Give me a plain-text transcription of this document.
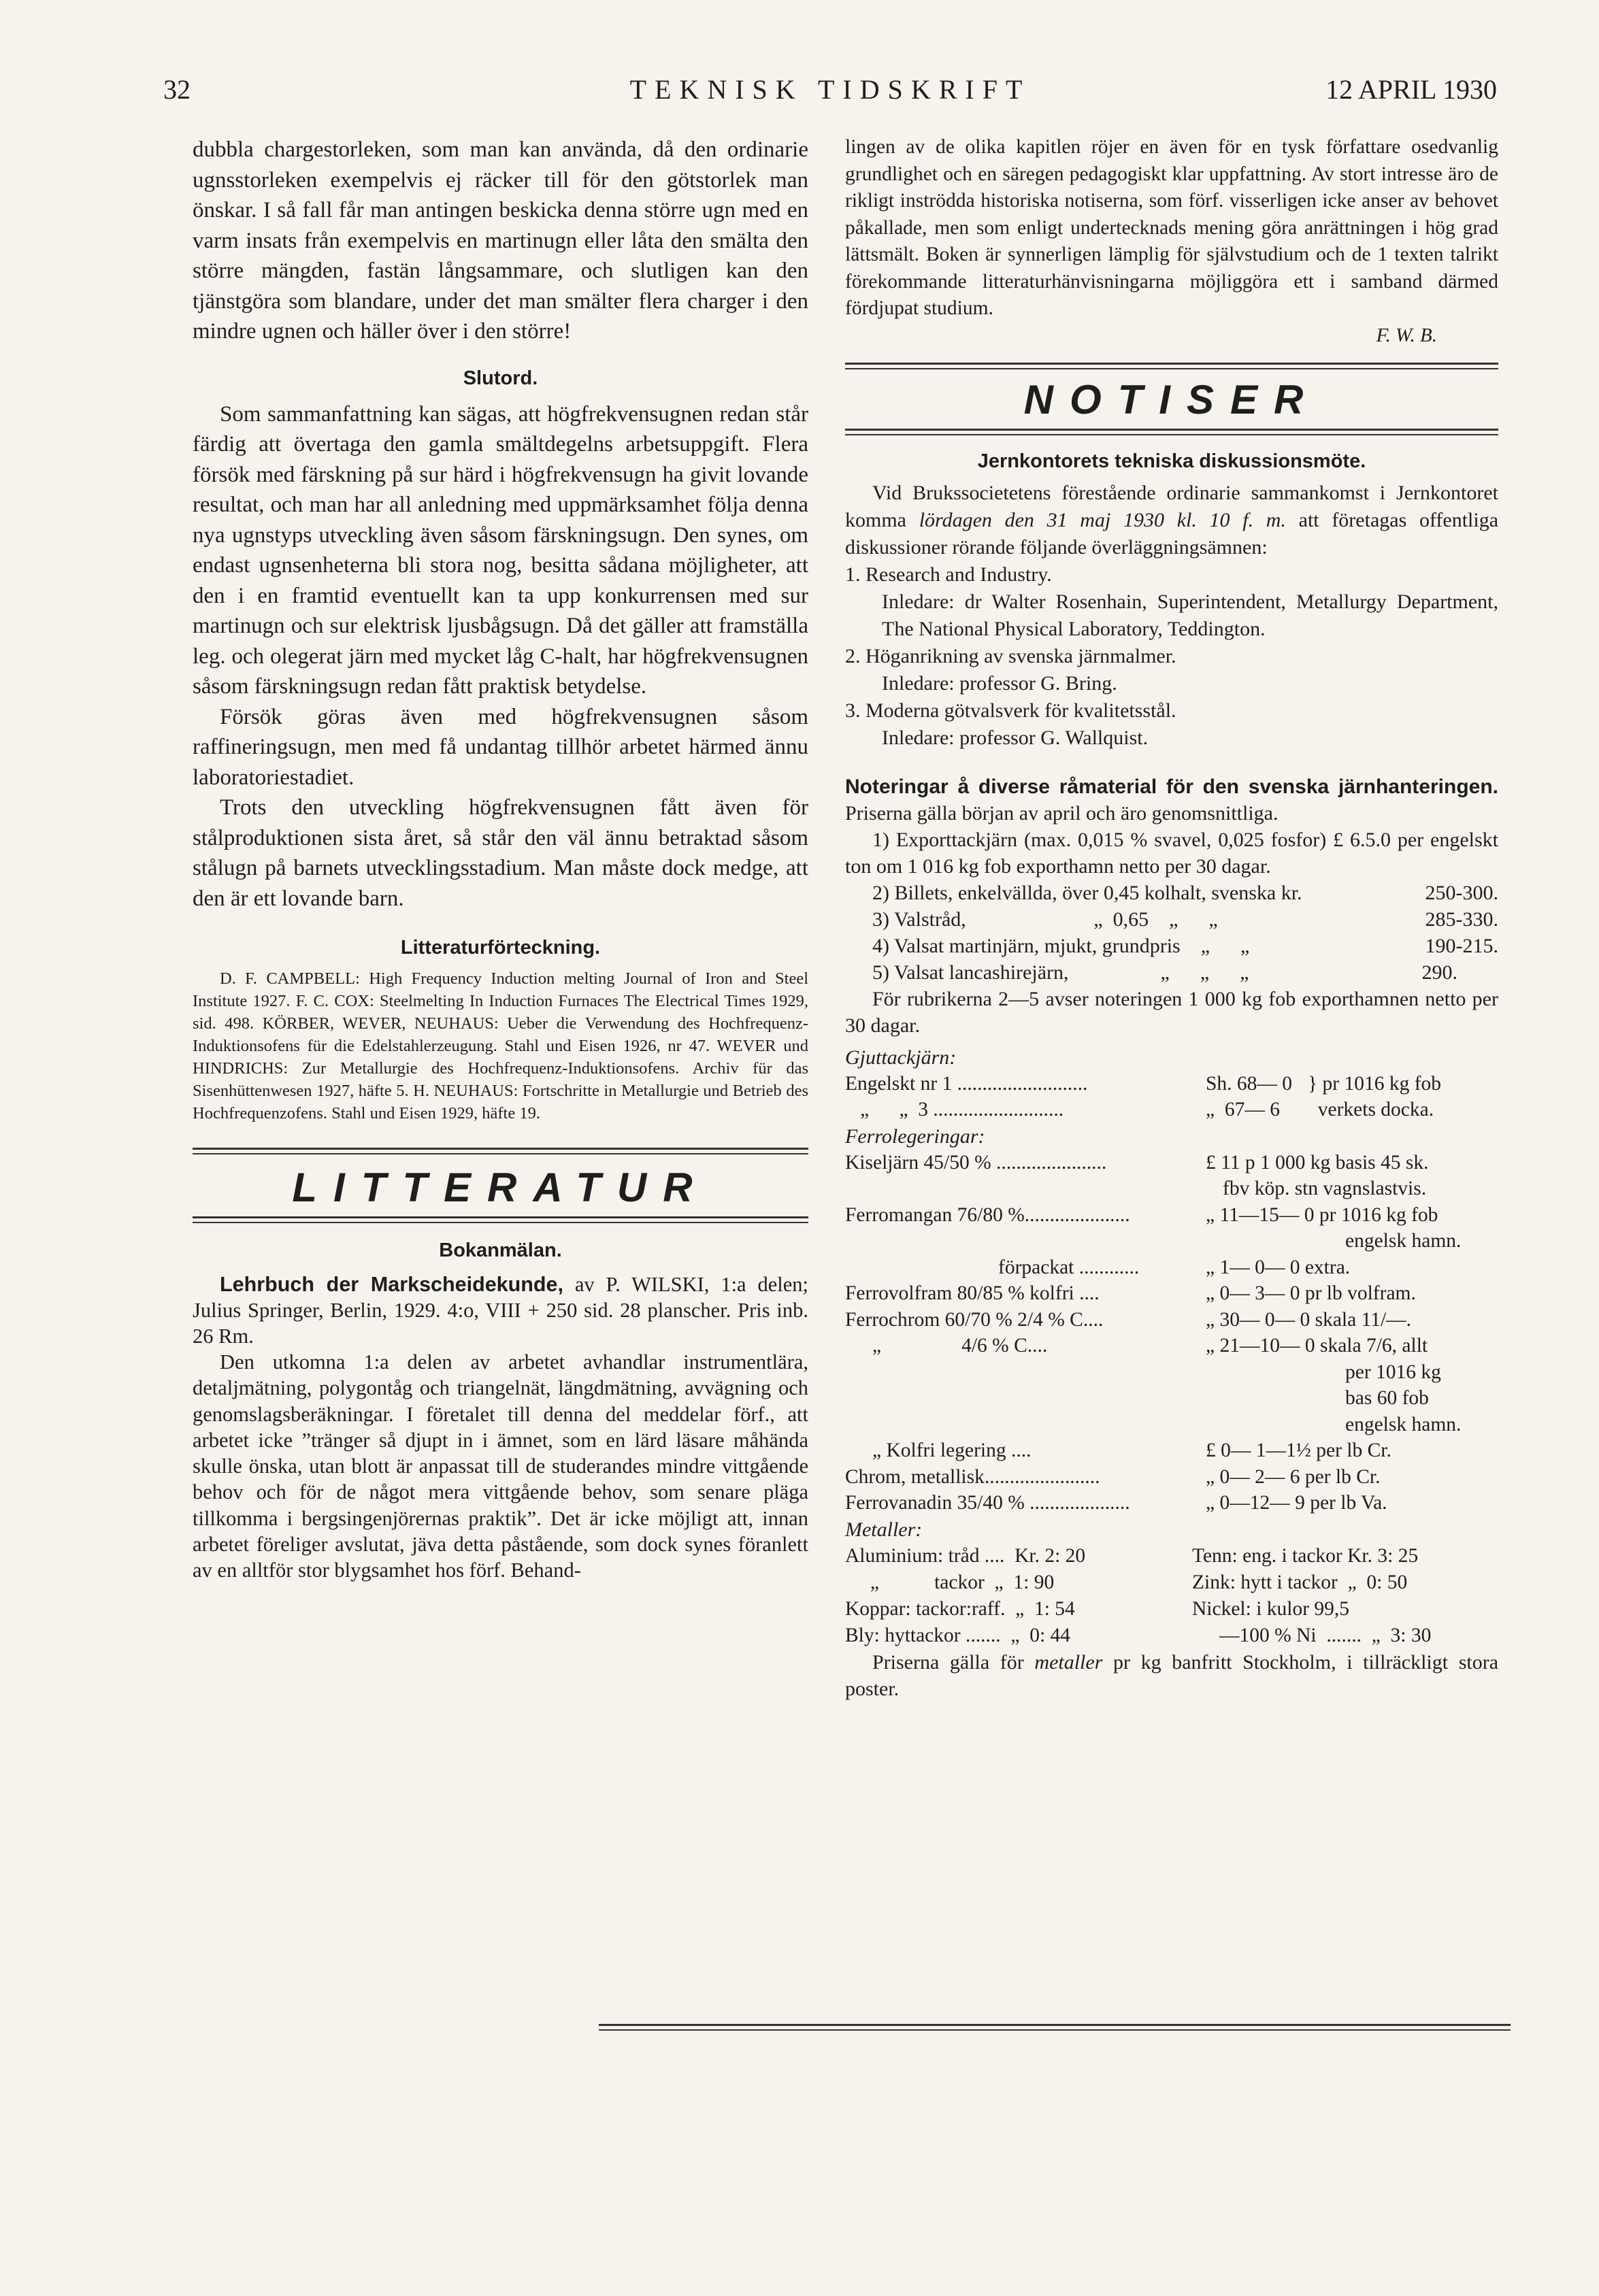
32	TEKNISK TIDSKRIFT	12 APRIL 1930

dubbla chargestorleken, som man kan använda, då den ordinarie ugnsstorleken exempelvis ej räcker till för den götstorlek man önskar. I så fall får man antingen beskicka denna större ugn med en varm insats från exempelvis en martinugn eller låta den smälta den större mängden, fastän långsammare, och slutligen kan den tjänstgöra som blandare, under det man smälter flera charger i den mindre ugnen och häller över i den större!

Slutord.

Som sammanfattning kan sägas, att högfrekvensugnen redan står färdig att övertaga den gamla smältdegelns arbetsuppgift. Flera försök med färskning på sur härd i högfrekvensugn ha givit lovande resultat, och man har all anledning med uppmärksamhet följa denna nya ugnstyps utveckling även såsom färskningsugn. Den synes, om endast ugnsenheterna bli stora nog, besitta sådana möjligheter, att den i en framtid eventuellt kan ta upp konkurrensen med sur martinugn och sur elektrisk ljusbågsugn. Då det gäller att framställa leg. och olegerat järn med mycket låg C-halt, har högfrekvensugnen såsom färskningsugn redan fått praktisk betydelse.

Försök göras även med högfrekvensugnen såsom raffineringsugn, men med få undantag tillhör arbetet härmed ännu laboratoriestadiet.

Trots den utveckling högfrekvensugnen fått även för stålproduktionen sista året, så står den väl ännu betraktad såsom stålugn på barnets utvecklingsstadium. Man måste dock medge, att den är ett lovande barn.

Litteraturförteckning.

D. F. CAMPBELL: High Frequency Induction melting Journal of Iron and Steel Institute 1927. F. C. COX: Steelmelting In Induction Furnaces The Electrical Times 1929, sid. 498. KÖRBER, WEVER, NEUHAUS: Ueber die Verwendung des Hochfrequenz-Induktionsofens für die Edelstahlerzeugung. Stahl und Eisen 1926, nr 47. WEVER und HINDRICHS: Zur Metallurgie des Hochfrequenz-Induktionsofens. Archiv für das Sisenhüttenwesen 1927, häfte 5. H. NEUHAUS: Fortschritte in Metallurgie und Betrieb des Hochfrequenzofens. Stahl und Eisen 1929, häfte 19.

LITTERATUR
Bokanmälan.

Lehrbuch der Markscheidekunde, av P. WILSKI, 1:a delen; Julius Springer, Berlin, 1929. 4:o, VIII + 250 sid. 28 planscher. Pris inb. 26 Rm.

Den utkomna 1:a delen av arbetet avhandlar instrumentlära, detaljmätning, polygontåg och triangelnät, längdmätning, avvägning och genomslagsberäkningar. I företalet till denna del meddelar förf., att arbetet icke ”tränger så djupt in i ämnet, som en lärd läsare måhända skulle önska, utan blott är anpassat till de studerandes mindre vittgående behov och för de något mera vittgående behov, som senare pläga tillkomma i bergsingenjörernas praktik”. Det är icke möjligt att, innan arbetet föreliger avslutat, jäva detta påstående, som dock synes föranlett av en alltför stor blygsamhet hos förf. Behand-

lingen av de olika kapitlen röjer en även för en tysk författare osedvanlig grundlighet och en säregen pedagogiskt klar uppfattning. Av stort intresse äro de rikligt inströdda historiska notiserna, som förf. visserligen icke anser av behovet påkallade, men som enligt undertecknads mening göra anrättningen i hög grad lättsmält. Boken är synnerligen lämplig för självstudium och de 1 texten talrikt förekommande litteraturhänvisningarna möjliggöra ett i samband därmed fördjupat studium.

F. W. B.
NOTISER
Jernkontorets tekniska diskussionsmöte.

Vid Brukssocietetens förestående ordinarie sammankomst i Jernkontoret komma lördagen den 31 maj 1930 kl. 10 f. m. att företagas offentliga diskussioner rörande följande överläggningsämnen:

1. Research and Industry.
Inledare: dr Walter Rosenhain, Superintendent, Metallurgy Department, The National Physical Laboratory, Teddington.
2. Höganrikning av svenska järnmalmer.
Inledare: professor G. Bring.
3. Moderna götvalsverk för kvalitetsstål.
Inledare: professor G. Wallquist.

Noteringar å diverse råmaterial för den svenska järnhanteringen. Priserna gälla början av april och äro genomsnittliga.

1) Exporttackjärn (max. 0,015 % svavel, 0,025 fosfor) £ 6.5.0 per engelskt ton om 1 016 kg fob exporthamn netto per 30 dagar.

2) Billets, enkelvällda, över 0,45 kolhalt, svenska kr.	250-300.
3) Valstråd,                         „  0,65    „      „	285-330.
4) Valsat martinjärn, mjukt, grundpris    „      „	190-215.
5) Valsat lancashirejärn,                  „      „      „	290.

För rubrikerna 2—5 avser noteringen 1 000 kg fob exporthamnen netto per 30 dagar.

Gjuttackjärn:
Engelskt nr 1 ..........................	Sh. 68— 0 } pr 1016 kg fob
„      „  3 ..........................	„  67— 6	verkets docka.
Ferrolegeringar:
Kiseljärn 45/50 % ......................	£ 11 p 1 000 kg basis 45 sk.
fbv köp. stn vagnslastvis.
Ferromangan 76/80 %.....................	„ 11—15— 0 pr 1016 kg fob
engelsk hamn.
förpackat ............	„ 1— 0— 0 extra.
Ferrovolfram 80/85 % kolfri ....	„ 0— 3— 0 pr lb volfram.
Ferrochrom 60/70 % 2/4 % C....	„ 30— 0— 0 skala 11/—.
„                4/6 % C....	„ 21—10— 0 skala 7/6, allt
per 1016 kg
bas 60 fob
engelsk hamn.
„ Kolfri legering ....	£ 0— 1—1½ per lb Cr.
Chrom, metallisk.......................	„ 0— 2— 6 per lb Cr.
Ferrovanadin 35/40 % ....................	„ 0—12— 9 per lb Va.
Metaller:
Aluminium: tråd ....  Kr. 2: 20	Tenn: eng. i tackor Kr. 3: 25
„           tackor  „  1: 90	Zink: hytt i tackor  „  0: 50
Koppar: tackor:raff.  „  1: 54	Nickel: i kulor 99,5
Bly: hyttackor .......  „  0: 44	—100 % Ni  .......  „  3: 30

Priserna gälla för metaller pr kg banfritt Stockholm, i tillräckligt stora poster.
